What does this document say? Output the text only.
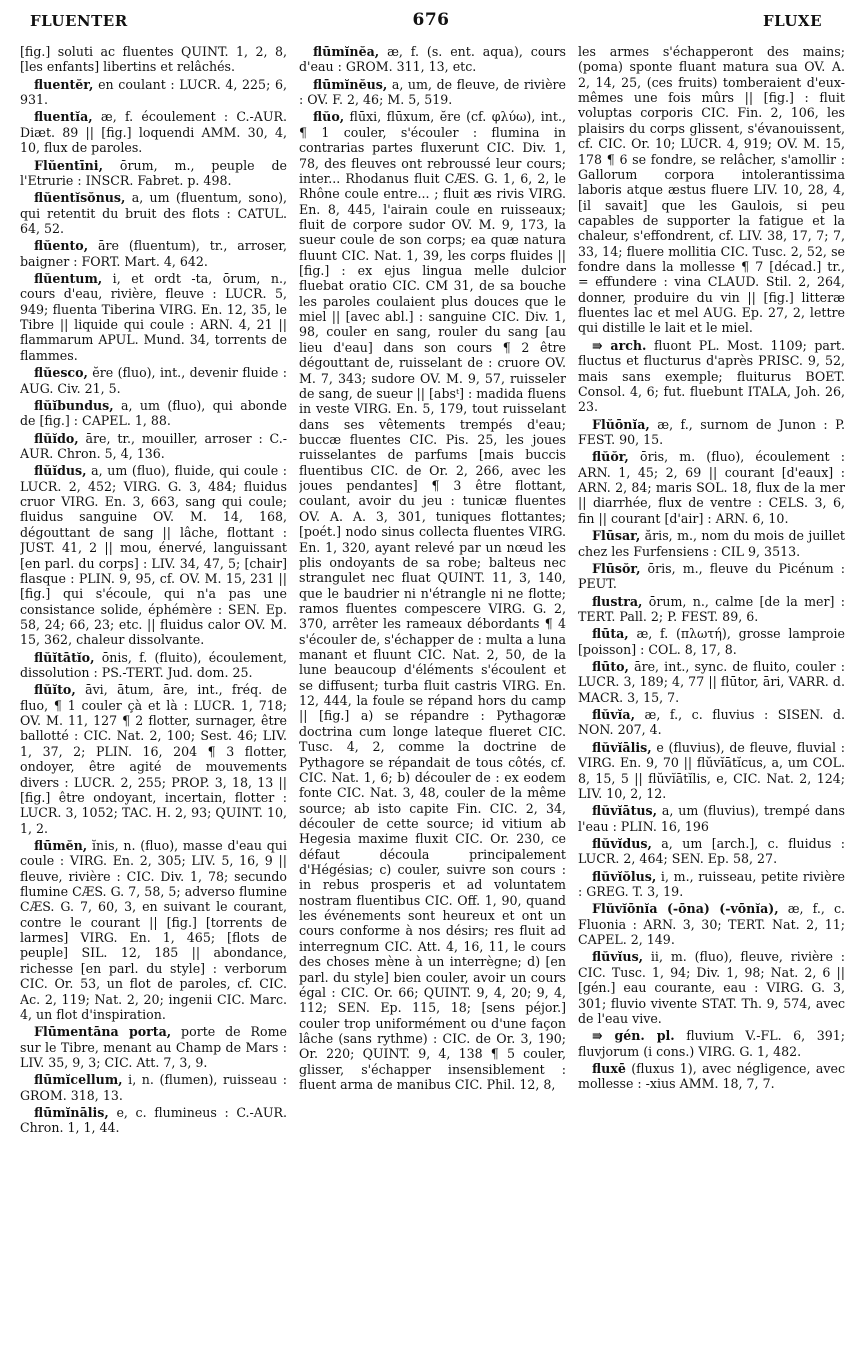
FLUENTER	676	FLUXE

[fig.] soluti ac fluentes QUINT. 1, 2, 8, [les enfants] libertins et relâchés.

fluentĕr, en coulant : LUCR. 4, 225; 6, 931.

fluentĭa, æ, f. écoulement : C.-AUR. Diæt. 89 || [fig.] loquendi AMM. 30, 4, 10, flux de paroles.

Flŭentīni, ōrum, m., peuple de l'Etrurie : INSCR. Fabret. p. 498.

flŭentĭsŏnus, a, um (fluentum, sono), qui retentit du bruit des flots : CATUL. 64, 52.

flŭento, āre (fluentum), tr., arroser, baigner : FORT. Mart. 4, 642.

flŭentum, i, et ordt -ta, ōrum, n., cours d'eau, rivière, fleuve : LUCR. 5, 949; fluenta Tiberina VIRG. En. 12, 35, le Tibre || liquide qui coule : ARN. 4, 21 || flammarum APUL. Mund. 34, torrents de flammes.

flŭesco, ĕre (fluo), int., devenir fluide : AUG. Civ. 21, 5.

flŭĭbundus, a, um (fluo), qui abonde de [fig.] : CAPEL. 1, 88.

flŭĭdo, āre, tr., mouiller, arroser : C.-AUR. Chron. 5, 4, 136.

flŭĭdus, a, um (fluo), fluide, qui coule : LUCR. 2, 452; VIRG. G. 3, 484; fluidus cruor VIRG. En. 3, 663, sang qui coule; fluidus sanguine OV. M. 14, 168, dégouttant de sang || lâche, flottant : JUST. 41, 2 || mou, énervé, languissant [en parl. du corps] : LIV. 34, 47, 5; [chair] flasque : PLIN. 9, 95, cf. OV. M. 15, 231 || [fig.] qui s'écoule, qui n'a pas une consistance solide, éphémère : SEN. Ep. 58, 24; 66, 23; etc. || fluidus calor OV. M. 15, 362, chaleur dissolvante.

flŭĭtātĭo, ōnis, f. (fluito), écoulement, dissolution : PS.-TERT. Jud. dom. 25.

flŭĭto, āvi, ātum, āre, int., fréq. de fluo, ¶ 1 couler çà et là : LUCR. 1, 718; OV. M. 11, 127 ¶ 2 flotter, surnager, être ballotté : CIC. Nat. 2, 100; Sest. 46; LIV. 1, 37, 2; PLIN. 16, 204 ¶ 3 flotter, ondoyer, être agité de mouvements divers : LUCR. 2, 255; PROP. 3, 18, 13 || [fig.] être ondoyant, incertain, flotter : LUCR. 3, 1052; TAC. H. 2, 93; QUINT. 10, 1, 2.

flūmĕn, ĭnis, n. (fluo), masse d'eau qui coule : VIRG. En. 2, 305; LIV. 5, 16, 9 || fleuve, rivière : CIC. Div. 1, 78; secundo flumine CÆS. G. 7, 58, 5; adverso flumine CÆS. G. 7, 60, 3, en suivant le courant, contre le courant || [fig.] [torrents de larmes] VIRG. En. 1, 465; [flots de peuple] SIL. 12, 185 || abondance, richesse [en parl. du style] : verborum CIC. Or. 53, un flot de paroles, cf. CIC. Ac. 2, 119; Nat. 2, 20; ingenii CIC. Marc. 4, un flot d'inspiration.

Flūmentāna porta, porte de Rome sur le Tibre, menant au Champ de Mars : LIV. 35, 9, 3; CIC. Att. 7, 3, 9.

flūmĭcellum, i, n. (flumen), ruisseau : GROM. 318, 13.

flūmĭnālis, e, c. flumineus : C.-AUR. Chron. 1, 1, 44.

flūmĭnĕa, æ, f. (s. ent. aqua), cours d'eau : GROM. 311, 13, etc.

flūmĭnĕus, a, um, de fleuve, de rivière : OV. F. 2, 46; M. 5, 519.

flŭo, flūxi, flūxum, ĕre (cf. φλύω), int., ¶ 1 couler, s'écouler : flumina in contrarias partes fluxerunt CIC. Div. 1, 78, des fleuves ont rebroussé leur cours; inter... Rhodanus fluit CÆS. G. 1, 6, 2, le Rhône coule entre... ; fluit æs rivis VIRG. En. 8, 445, l'airain coule en ruisseaux; fluit de corpore sudor OV. M. 9, 173, la sueur coule de son corps; ea quæ natura fluunt CIC. Nat. 1, 39, les corps fluides || [fig.] : ex ejus lingua melle dulcior fluebat oratio CIC. CM 31, de sa bouche les paroles coulaient plus douces que le miel || [avec abl.] : sanguine CIC. Div. 1, 98, couler en sang, rouler du sang [au lieu d'eau] dans son cours ¶ 2 être dégouttant de, ruisselant de : cruore OV. M. 7, 343; sudore OV. M. 9, 57, ruisseler de sang, de sueur || [absᵗ] : madida fluens in veste VIRG. En. 5, 179, tout ruisselant dans ses vêtements trempés d'eau; buccæ fluentes CIC. Pis. 25, les joues ruisselantes de parfums [mais buccis fluentibus CIC. de Or. 2, 266, avec les joues pendantes] ¶ 3 être flottant, coulant, avoir du jeu : tunicæ fluentes OV. A. A. 3, 301, tuniques flottantes; [poét.] nodo sinus collecta fluentes VIRG. En. 1, 320, ayant relevé par un nœud les plis ondoyants de sa robe; balteus nec strangulet nec fluat QUINT. 11, 3, 140, que le baudrier ni n'étrangle ni ne flotte; ramos fluentes compescere VIRG. G. 2, 370, arrêter les rameaux débordants ¶ 4 s'écouler de, s'échapper de : multa a luna manant et fluunt CIC. Nat. 2, 50, de la lune beaucoup d'éléments s'écoulent et se diffusent; turba fluit castris VIRG. En. 12, 444, la foule se répand hors du camp || [fig.] a) se répandre : Pythagoræ doctrina cum longe lateque flueret CIC. Tusc. 4, 2, comme la doctrine de Pythagore se répandait de tous côtés, cf. CIC. Nat. 1, 6; b) découler de : ex eodem fonte CIC. Nat. 3, 48, couler de la même source; ab isto capite Fin. CIC. 2, 34, découler de cette source; id vitium ab Hegesia maxime fluxit CIC. Or. 230, ce défaut découla principalement d'Hégésias; c) couler, suivre son cours : in rebus prosperis et ad voluntatem nostram fluentibus CIC. Off. 1, 90, quand les événements sont heureux et ont un cours conforme à nos désirs; res fluit ad interregnum CIC. Att. 4, 16, 11, le cours des choses mène à un interrègne; d) [en parl. du style] bien couler, avoir un cours égal : CIC. Or. 66; QUINT. 9, 4, 20; 9, 4, 112; SEN. Ep. 115, 18; [sens péjor.] couler trop uniformément ou d'une façon lâche (sans rythme) : CIC. de Or. 3, 190; Or. 220; QUINT. 9, 4, 138 ¶ 5 couler, glisser, s'échapper insensiblement : fluent arma de manibus CIC. Phil. 12, 8,

les armes s'échapperont des mains; (poma) sponte fluant matura sua OV. A. 2, 14, 25, (ces fruits) tomberaient d'eux-mêmes une fois mûrs || [fig.] : fluit voluptas corporis CIC. Fin. 2, 106, les plaisirs du corps glissent, s'évanouissent, cf. CIC. Or. 10; LUCR. 4, 919; OV. M. 15, 178 ¶ 6 se fondre, se relâcher, s'amollir : Gallorum corpora intolerantissima laboris atque æstus fluere LIV. 10, 28, 4, [il savait] que les Gaulois, si peu capables de supporter la fatigue et la chaleur, s'effondrent, cf. LIV. 38, 17, 7; 7, 33, 14; fluere mollitia CIC. Tusc. 2, 52, se fondre dans la mollesse ¶ 7 [décad.] tr., = effundere : vina CLAUD. Stil. 2, 264, donner, produire du vin || [fig.] litteræ fluentes lac et mel AUG. Ep. 27, 2, lettre qui distille le lait et le miel.

⇛ arch. fluont PL. Most. 1109; part. fluctus et flucturus d'après PRISC. 9, 52, mais sans exemple; fluiturus BOET. Consol. 4, 6; fut. fluebunt ITALA, Joh. 26, 23.

Flŭōnĭa, æ, f., surnom de Junon : P. FEST. 90, 15.

flŭŏr, ōris, m. (fluo), écoulement : ARN. 1, 45; 2, 69 || courant [d'eaux] : ARN. 2, 84; maris SOL. 18, flux de la mer || diarrhée, flux de ventre : CELS. 3, 6, fin || courant [d'air] : ARN. 6, 10.

Flūsar, ăris, m., nom du mois de juillet chez les Furfensiens : CIL 9, 3513.

Flūsŏr, ōris, m., fleuve du Picénum : PEUT.

flustra, ōrum, n., calme [de la mer] : TERT. Pall. 2; P. FEST. 89, 6.

flūta, æ, f. (πλωτή), grosse lamproie [poisson] : COL. 8, 17, 8.

flūto, āre, int., sync. de fluito, couler : LUCR. 3, 189; 4, 77 || flūtor, āri, VARR. d. MACR. 3, 15, 7.

flŭvĭa, æ, f., c. fluvius : SISEN. d. NON. 207, 4.

flŭvĭālis, e (fluvius), de fleuve, fluvial : VIRG. En. 9, 70 || flŭvĭātĭcus, a, um COL. 8, 15, 5 || flŭvĭātĭlis, e, CIC. Nat. 2, 124; LIV. 10, 2, 12.

flŭvĭātus, a, um (fluvius), trempé dans l'eau : PLIN. 16, 196

flŭvĭdus, a, um [arch.], c. fluidus : LUCR. 2, 464; SEN. Ep. 58, 27.

flŭvĭŏlus, i, m., ruisseau, petite rivière : GREG. T. 3, 19.

Flŭvĭōnĭa (-ōna) (-vōnĭa), æ, f., c. Fluonia : ARN. 3, 30; TERT. Nat. 2, 11; CAPEL. 2, 149.

flŭvĭus, ii, m. (fluo), fleuve, rivière : CIC. Tusc. 1, 94; Div. 1, 98; Nat. 2, 6 || [gén.] eau courante, eau : VIRG. G. 3, 301; fluvio vivente STAT. Th. 9, 574, avec de l'eau vive.

⇛ gén. pl. fluvium V.-FL. 6, 391; fluvjorum (i cons.) VIRG. G. 1, 482.

fluxē (fluxus 1), avec négligence, avec mollesse : -xius AMM. 18, 7, 7.
